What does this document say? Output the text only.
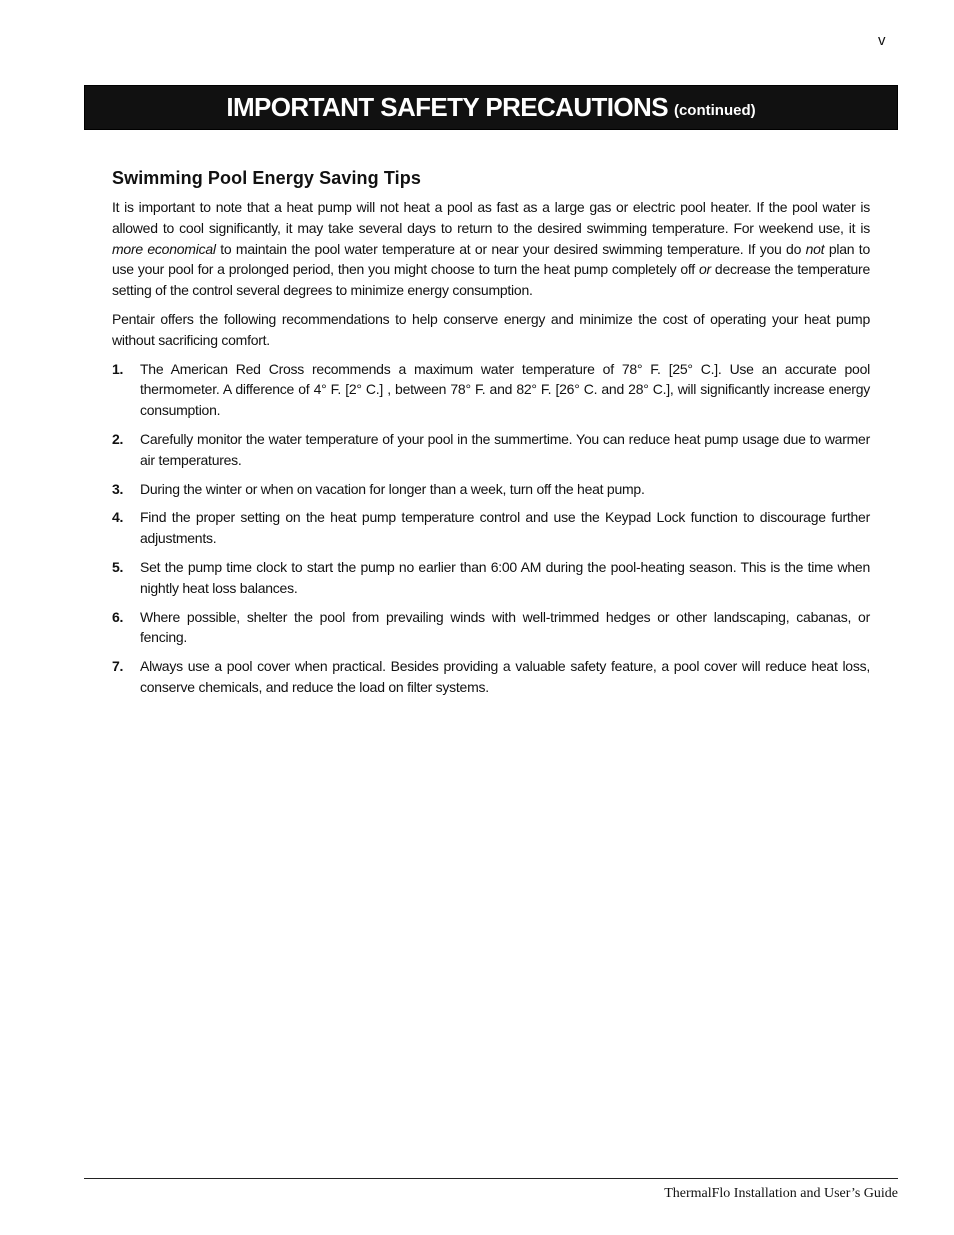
v
IMPORTANT SAFETY PRECAUTIONS (continued)
Swimming Pool Energy Saving Tips

It is important to note that a heat pump will not heat a pool as fast as a large gas or electric pool heater. If the pool water is allowed to cool significantly, it may take several days to return to the desired swimming temperature. For weekend use, it is more economical to maintain the pool water temperature at or near your desired swimming temperature. If you do not plan to use your pool for a prolonged period, then you might choose to turn the heat pump completely off or decrease the temperature setting of the control several degrees to minimize energy consumption.

Pentair offers the following recommendations to help conserve energy and minimize the cost of operating your heat pump without sacrificing comfort.

1. The American Red Cross recommends a maximum water temperature of 78° F. [25° C.]. Use an accurate pool thermometer. A difference of 4° F. [2° C.] , between 78° F. and 82° F. [26° C. and 28° C.], will significantly increase energy consumption.
2. Carefully monitor the water temperature of your pool in the summertime. You can reduce heat pump usage due to warmer air temperatures.
3. During the winter or when on vacation for longer than a week, turn off the heat pump.
4. Find the proper setting on the heat pump temperature control and use the Keypad Lock function to discourage further adjustments.
5. Set the pump time clock to start the pump no earlier than 6:00 AM during the pool-heating season. This is the time when nightly heat loss balances.
6. Where possible, shelter the pool from prevailing winds with well-trimmed hedges or other landscaping, cabanas, or fencing.
7. Always use a pool cover when practical. Besides providing a valuable safety feature, a pool cover will reduce heat loss, conserve chemicals, and reduce the load on filter systems.
ThermalFlo Installation and User’s Guide
